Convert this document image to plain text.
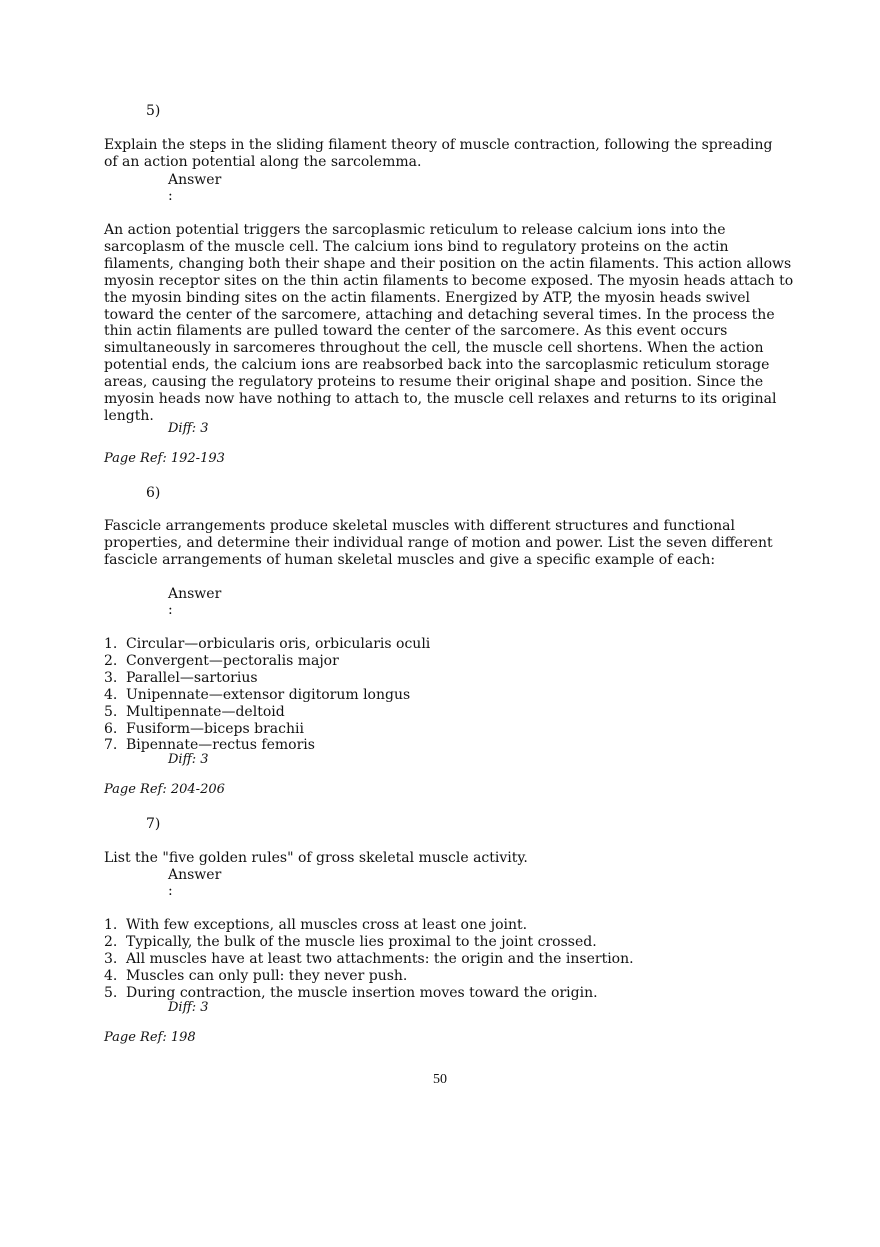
5)
Explain the steps in the sliding filament theory of muscle contraction, following the spreading of an action potential along the sarcolemma.
Answer
:
An action potential triggers the sarcoplasmic reticulum to release calcium ions into the sarcoplasm of the muscle cell. The calcium ions bind to regulatory proteins on the actin filaments, changing both their shape and their position on the actin filaments. This action allows myosin receptor sites on the thin actin filaments to become exposed. The myosin heads attach to the myosin binding sites on the actin filaments. Energized by ATP, the myosin heads swivel toward the center of the sarcomere, attaching and detaching several times. In the process the thin actin filaments are pulled toward the center of the sarcomere. As this event occurs simultaneously in sarcomeres throughout the cell, the muscle cell shortens. When the action potential ends, the calcium ions are reabsorbed back into the sarcoplasmic reticulum storage areas, causing the regulatory proteins to resume their original shape and position. Since the myosin heads now have nothing to attach to, the muscle cell relaxes and returns to its original length.
Diff: 3
Page Ref: 192-193
6)
Fascicle arrangements produce skeletal muscles with different structures and functional properties, and determine their individual range of motion and power. List the seven different fascicle arrangements of human skeletal muscles and give a specific example of each:
Answer
:
1. Circular—orbicularis oris, orbicularis oculi
2. Convergent—pectoralis major
3. Parallel—sartorius
4. Unipennate—extensor digitorum longus
5. Multipennate—deltoid
6. Fusiform—biceps brachii
7. Bipennate—rectus femoris
Diff: 3
Page Ref: 204-206
7)
List the "five golden rules" of gross skeletal muscle activity.
Answer
:
1. With few exceptions, all muscles cross at least one joint.
2. Typically, the bulk of the muscle lies proximal to the joint crossed.
3. All muscles have at least two attachments: the origin and the insertion.
4. Muscles can only pull: they never push.
5. During contraction, the muscle insertion moves toward the origin.
Diff: 3
Page Ref: 198
50
